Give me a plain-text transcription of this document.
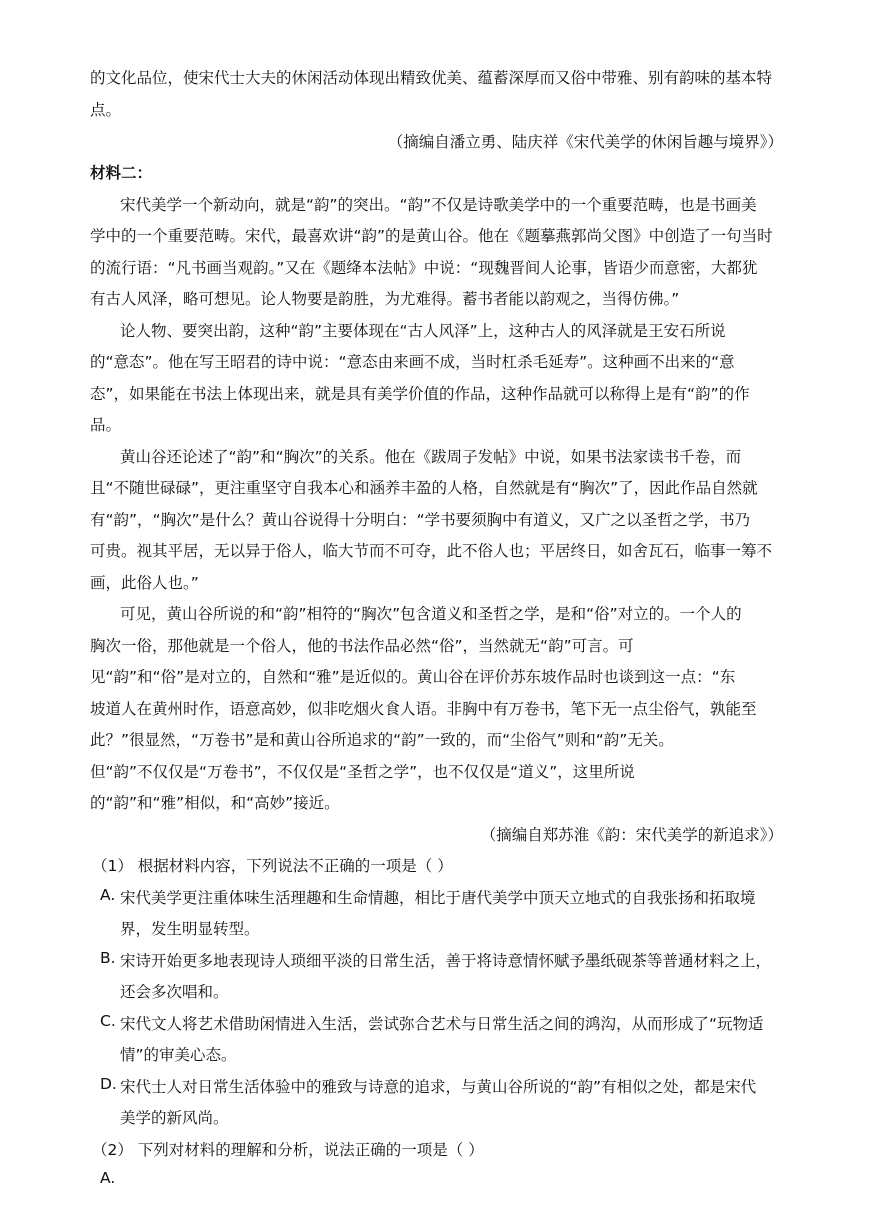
的文化品位，使宋代士大夫的休闲活动体现出精致优美、蕴蓄深厚而又俗中带雅、别有韵味的基本特
点。
（摘编自潘立勇、陆庆祥《宋代美学的休闲旨趣与境界》）
材料二：
宋代美学一个新动向，就是“韵”的突出。“韵”不仅是诗歌美学中的一个重要范畴，也是书画美
学中的一个重要范畴。宋代，最喜欢讲“韵”的是黄山谷。他在《题摹燕郭尚父图》中创造了一句当时
的流行语：“凡书画当观韵。”又在《题绛本法帖》中说：“现魏晋间人论事，皆语少而意密，大都犹
有古人风泽，略可想见。论人物要是韵胜，为尤难得。蓄书者能以韵观之，当得仿佛。”
论人物、要突出韵，这种“韵”主要体现在“古人风泽”上，这种古人的风泽就是王安石所说
的“意态”。他在写王昭君的诗中说：“意态由来画不成，当时杠杀毛延寿”。这种画不出来的“意
态”，如果能在书法上体现出来，就是具有美学价值的作品，这种作品就可以称得上是有“韵”的作
品。
黄山谷还论述了“韵”和“胸次”的关系。他在《跋周子发帖》中说，如果书法家读书千卷，而
且“不随世碌碌”，更注重坚守自我本心和涵养丰盈的人格，自然就是有“胸次”了，因此作品自然就
有“韵”，“胸次”是什么？黄山谷说得十分明白：“学书要须胸中有道义，又广之以圣哲之学，书乃
可贵。视其平居，无以异于俗人，临大节而不可夺，此不俗人也；平居终日，如舍瓦石，临事一筹不
画，此俗人也。”
可见，黄山谷所说的和“韵”相符的“胸次”包含道义和圣哲之学，是和“俗”对立的。一个人的
胸次一俗，那他就是一个俗人，他的书法作品必然“俗”，当然就无“韵”可言。可
见“韵”和“俗”是对立的，自然和“雅”是近似的。黄山谷在评价苏东坡作品时也谈到这一点：“东
坡道人在黄州时作，语意高妙，似非吃烟火食人语。非胸中有万卷书，笔下无一点尘俗气，孰能至
此？”很显然，“万卷书”是和黄山谷所追求的“韵”一致的，而“尘俗气”则和“韵”无关。
但“韵”不仅仅是“万卷书”，不仅仅是“圣哲之学”，也不仅仅是“道义”，这里所说
的“韵”和“雅”相似，和“高妙”接近。
（摘编自郑苏淮《韵：宋代美学的新追求》）
（1） 根据材料内容，下列说法不正确的一项是（ ）
A. 宋代美学更注重体味生活理趣和生命情趣，相比于唐代美学中顶天立地式的自我张扬和拓取境
界，发生明显转型。
B. 宋诗开始更多地表现诗人琐细平淡的日常生活，善于将诗意情怀赋予墨纸砚茶等普通材料之上，
还会多次唱和。
C. 宋代文人将艺术借助闲情进入生活，尝试弥合艺术与日常生活之间的鸿沟，从而形成了“玩物适
情”的审美心态。
D. 宋代士人对日常生活体验中的雅致与诗意的追求，与黄山谷所说的“韵”有相似之处，都是宋代
美学的新风尚。
（2） 下列对材料的理解和分析，说法正确的一项是（ ）
A.
